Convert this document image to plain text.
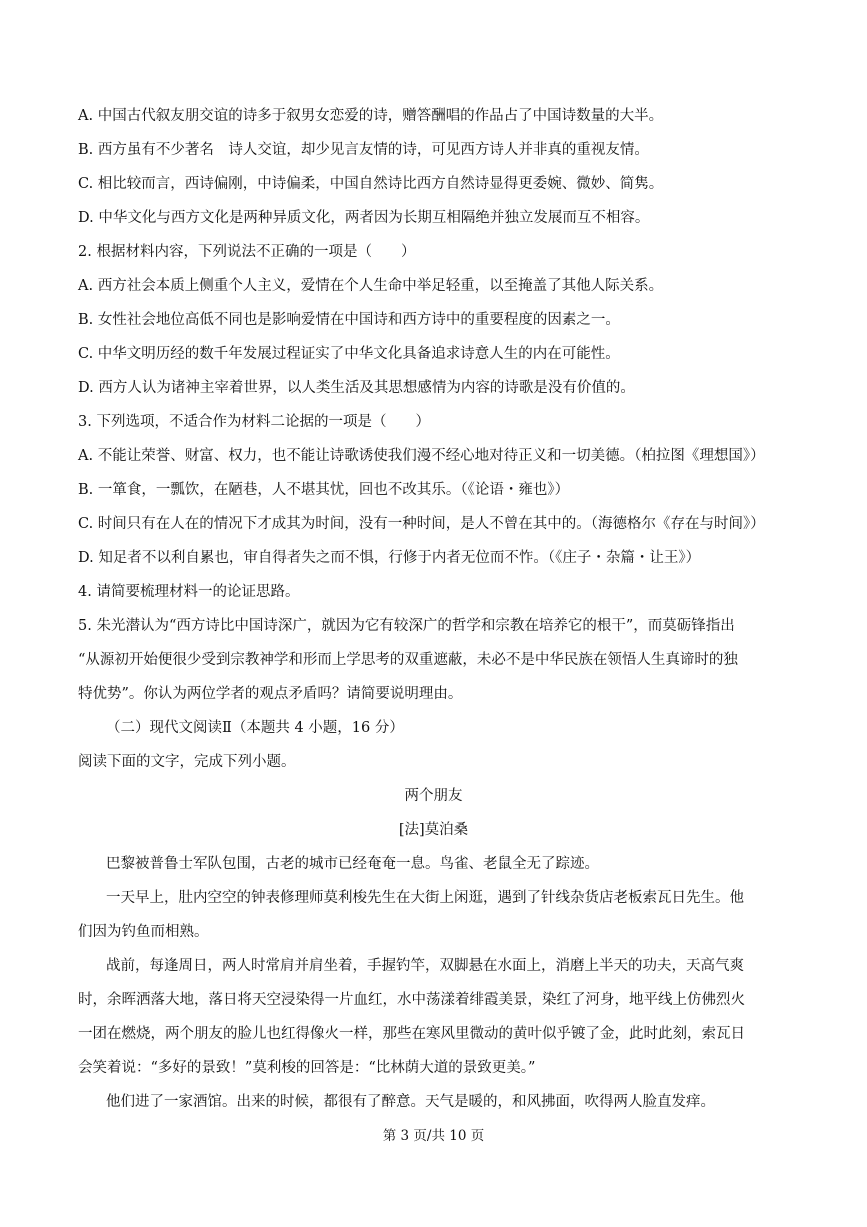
A. 中国古代叙友朋交谊的诗多于叙男女恋爱的诗，赠答酬唱的作品占了中国诗数量的大半。
B. 西方虽有不少著名　诗人交谊，却少见言友情的诗，可见西方诗人并非真的重视友情。
C. 相比较而言，西诗偏刚，中诗偏柔，中国自然诗比西方自然诗显得更委婉、微妙、简隽。
D. 中华文化与西方文化是两种异质文化，两者因为长期互相隔绝并独立发展而互不相容。
2. 根据材料内容，下列说法不正确的一项是（　　）
A. 西方社会本质上侧重个人主义，爱情在个人生命中举足轻重，以至掩盖了其他人际关系。
B. 女性社会地位高低不同也是影响爱情在中国诗和西方诗中的重要程度的因素之一。
C. 中华文明历经的数千年发展过程证实了中华文化具备追求诗意人生的内在可能性。
D. 西方人认为诸神主宰着世界，以人类生活及其思想感情为内容的诗歌是没有价值的。
3. 下列选项，不适合作为材料二论据的一项是（　　）
A. 不能让荣誉、财富、权力，也不能让诗歌诱使我们漫不经心地对待正义和一切美德。（柏拉图《理想国》）
B. 一箪食，一瓢饮，在陋巷，人不堪其忧，回也不改其乐。（《论语・雍也》）
C. 时间只有在人在的情况下才成其为时间，没有一种时间，是人不曾在其中的。（海德格尔《存在与时间》）
D. 知足者不以利自累也，审自得者失之而不惧，行修于内者无位而不怍。（《庄子・杂篇・让王》）
4. 请简要梳理材料一的论证思路。
5. 朱光潜认为“西方诗比中国诗深广，就因为它有较深广的哲学和宗教在培养它的根干”，而莫砺锋指出
“从源初开始便很少受到宗教神学和形而上学思考的双重遮蔽，未必不是中华民族在领悟人生真谛时的独
特优势”。你认为两位学者的观点矛盾吗？请简要说明理由。
（二）现代文阅读Ⅱ（本题共 4 小题，16 分）
阅读下面的文字，完成下列小题。
两个朋友
[法]莫泊桑
巴黎被普鲁士军队包围，古老的城市已经奄奄一息。鸟雀、老鼠全无了踪迹。
一天早上，肚内空空的钟表修理师莫利梭先生在大街上闲逛，遇到了针线杂货店老板索瓦日先生。他
们因为钓鱼而相熟。
战前，每逢周日，两人时常肩并肩坐着，手握钓竿，双脚悬在水面上，消磨上半天的功夫，天高气爽
时，余晖洒落大地，落日将天空浸染得一片血红，水中荡漾着绯霞美景，染红了河身，地平线上仿佛烈火
一团在燃烧，两个朋友的脸儿也红得像火一样，那些在寒风里微动的黄叶似乎镀了金，此时此刻，索瓦日
会笑着说：“多好的景致！”莫利梭的回答是：“比林荫大道的景致更美。”
他们进了一家酒馆。出来的时候，都很有了醉意。天气是暖的，和风拂面，吹得两人脸直发痒。
第 3 页/共 10 页
